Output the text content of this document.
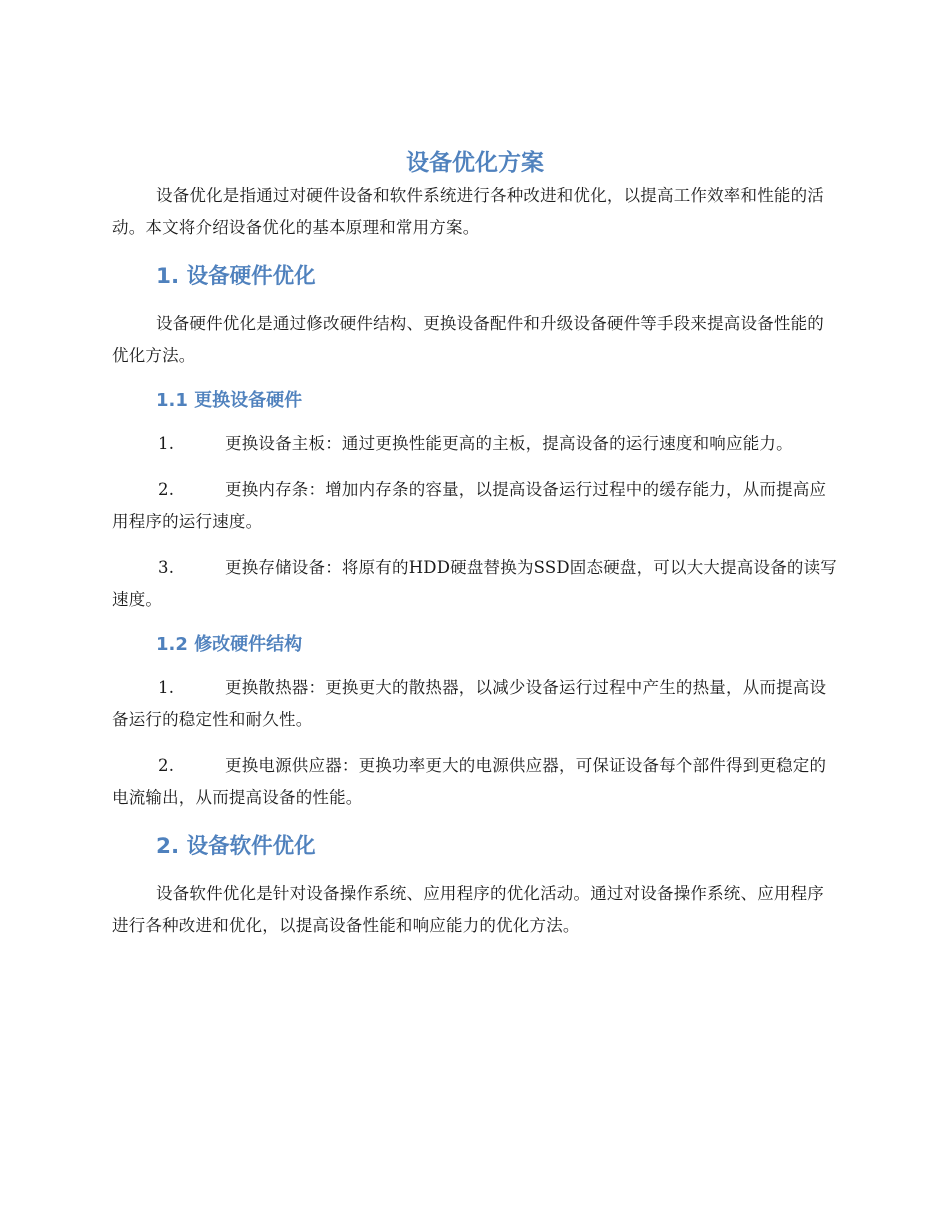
设备优化方案

设备优化是指通过对硬件设备和软件系统进行各种改进和优化，以提高工作效率和性能的活动。本文将介绍设备优化的基本原理和常用方案。

1. 设备硬件优化

设备硬件优化是通过修改硬件结构、更换设备配件和升级设备硬件等手段来提高设备性能的优化方法。

1.1 更换设备硬件
1.	更换设备主板：通过更换性能更高的主板，提高设备的运行速度和响应能力。
2.	更换内存条：增加内存条的容量，以提高设备运行过程中的缓存能力，从而提高应用程序的运行速度。
3.	更换存储设备：将原有的HDD硬盘替换为SSD固态硬盘，可以大大提高设备的读写速度。
1.2 修改硬件结构
1.	更换散热器：更换更大的散热器，以减少设备运行过程中产生的热量，从而提高设备运行的稳定性和耐久性。
2.	更换电源供应器：更换功率更大的电源供应器，可保证设备每个部件得到更稳定的电流输出，从而提高设备的性能。
2. 设备软件优化

设备软件优化是针对设备操作系统、应用程序的优化活动。通过对设备操作系统、应用程序进行各种改进和优化，以提高设备性能和响应能力的优化方法。
